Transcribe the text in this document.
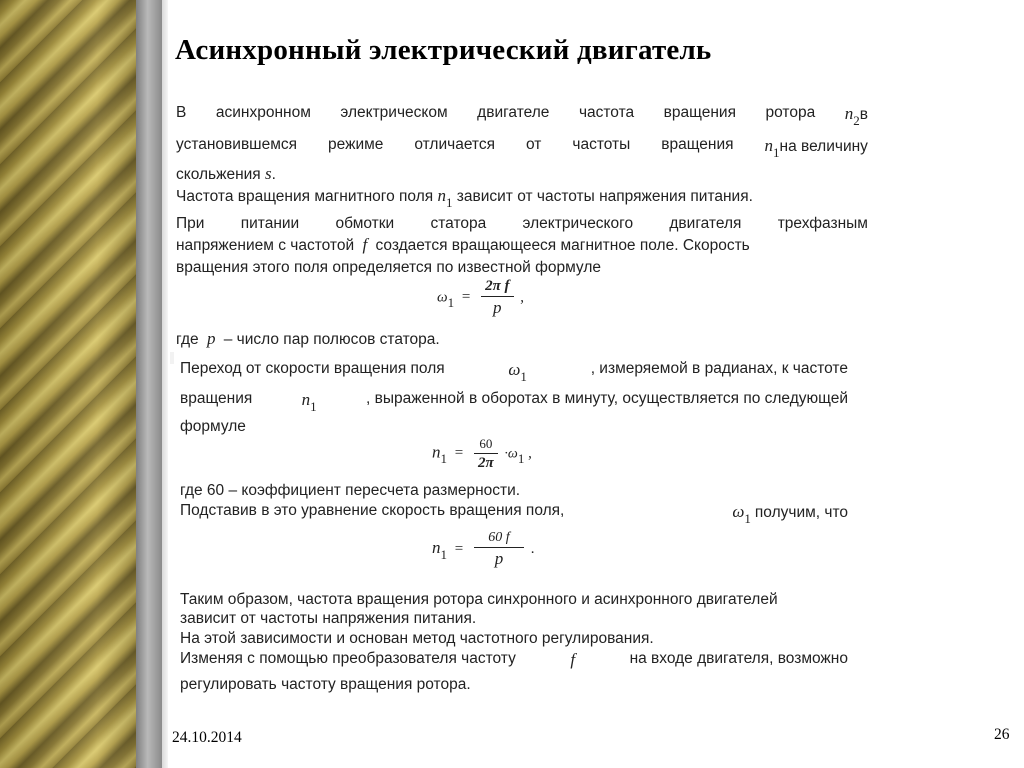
Асинхронный электрический двигатель
В асинхронном электрическом двигателе частота вращения ротора n2в
установившемся режиме отличается от частоты вращения n1на величину
скольжения s.
Частота вращения магнитного поля $n_1$ зависит от частоты напряжения питания.
При питании обмотки статора электрического двигателя трехфазным
напряжением с частотой f создается вращающееся магнитное поле. Скорость
вращения этого поля определяется по известной формуле
где p – число пар полюсов статора.
$\omega 1 = \frac{\text{2π f}}{p}$ ,
Переход от скорости вращения поля	$\omega_1$	, измеряемой в радианах, к частоте
вращения	$n_1$	, выраженной в оборотах в минуту, осуществляется по следующей
формуле
где 60 – коэффициент пересчета размерности.
Подставив в это уравнение скорость вращения поля,	$\omega_1$ получим, что
Таким образом, частота вращения ротора синхронного и асинхронного двигателей
зависит от частоты напряжения питания.
На этой зависимости и основан метод частотного регулирования.
Изменяя с помощью преобразователя частоту	f	на входе двигателя, возможно
регулировать частоту вращения ротора.
$n1 = \frac{60}{2\pi} \cdot\omega 1$ ,
$n1 = \frac{60 f}{p}$ .
24.10.2014	26
